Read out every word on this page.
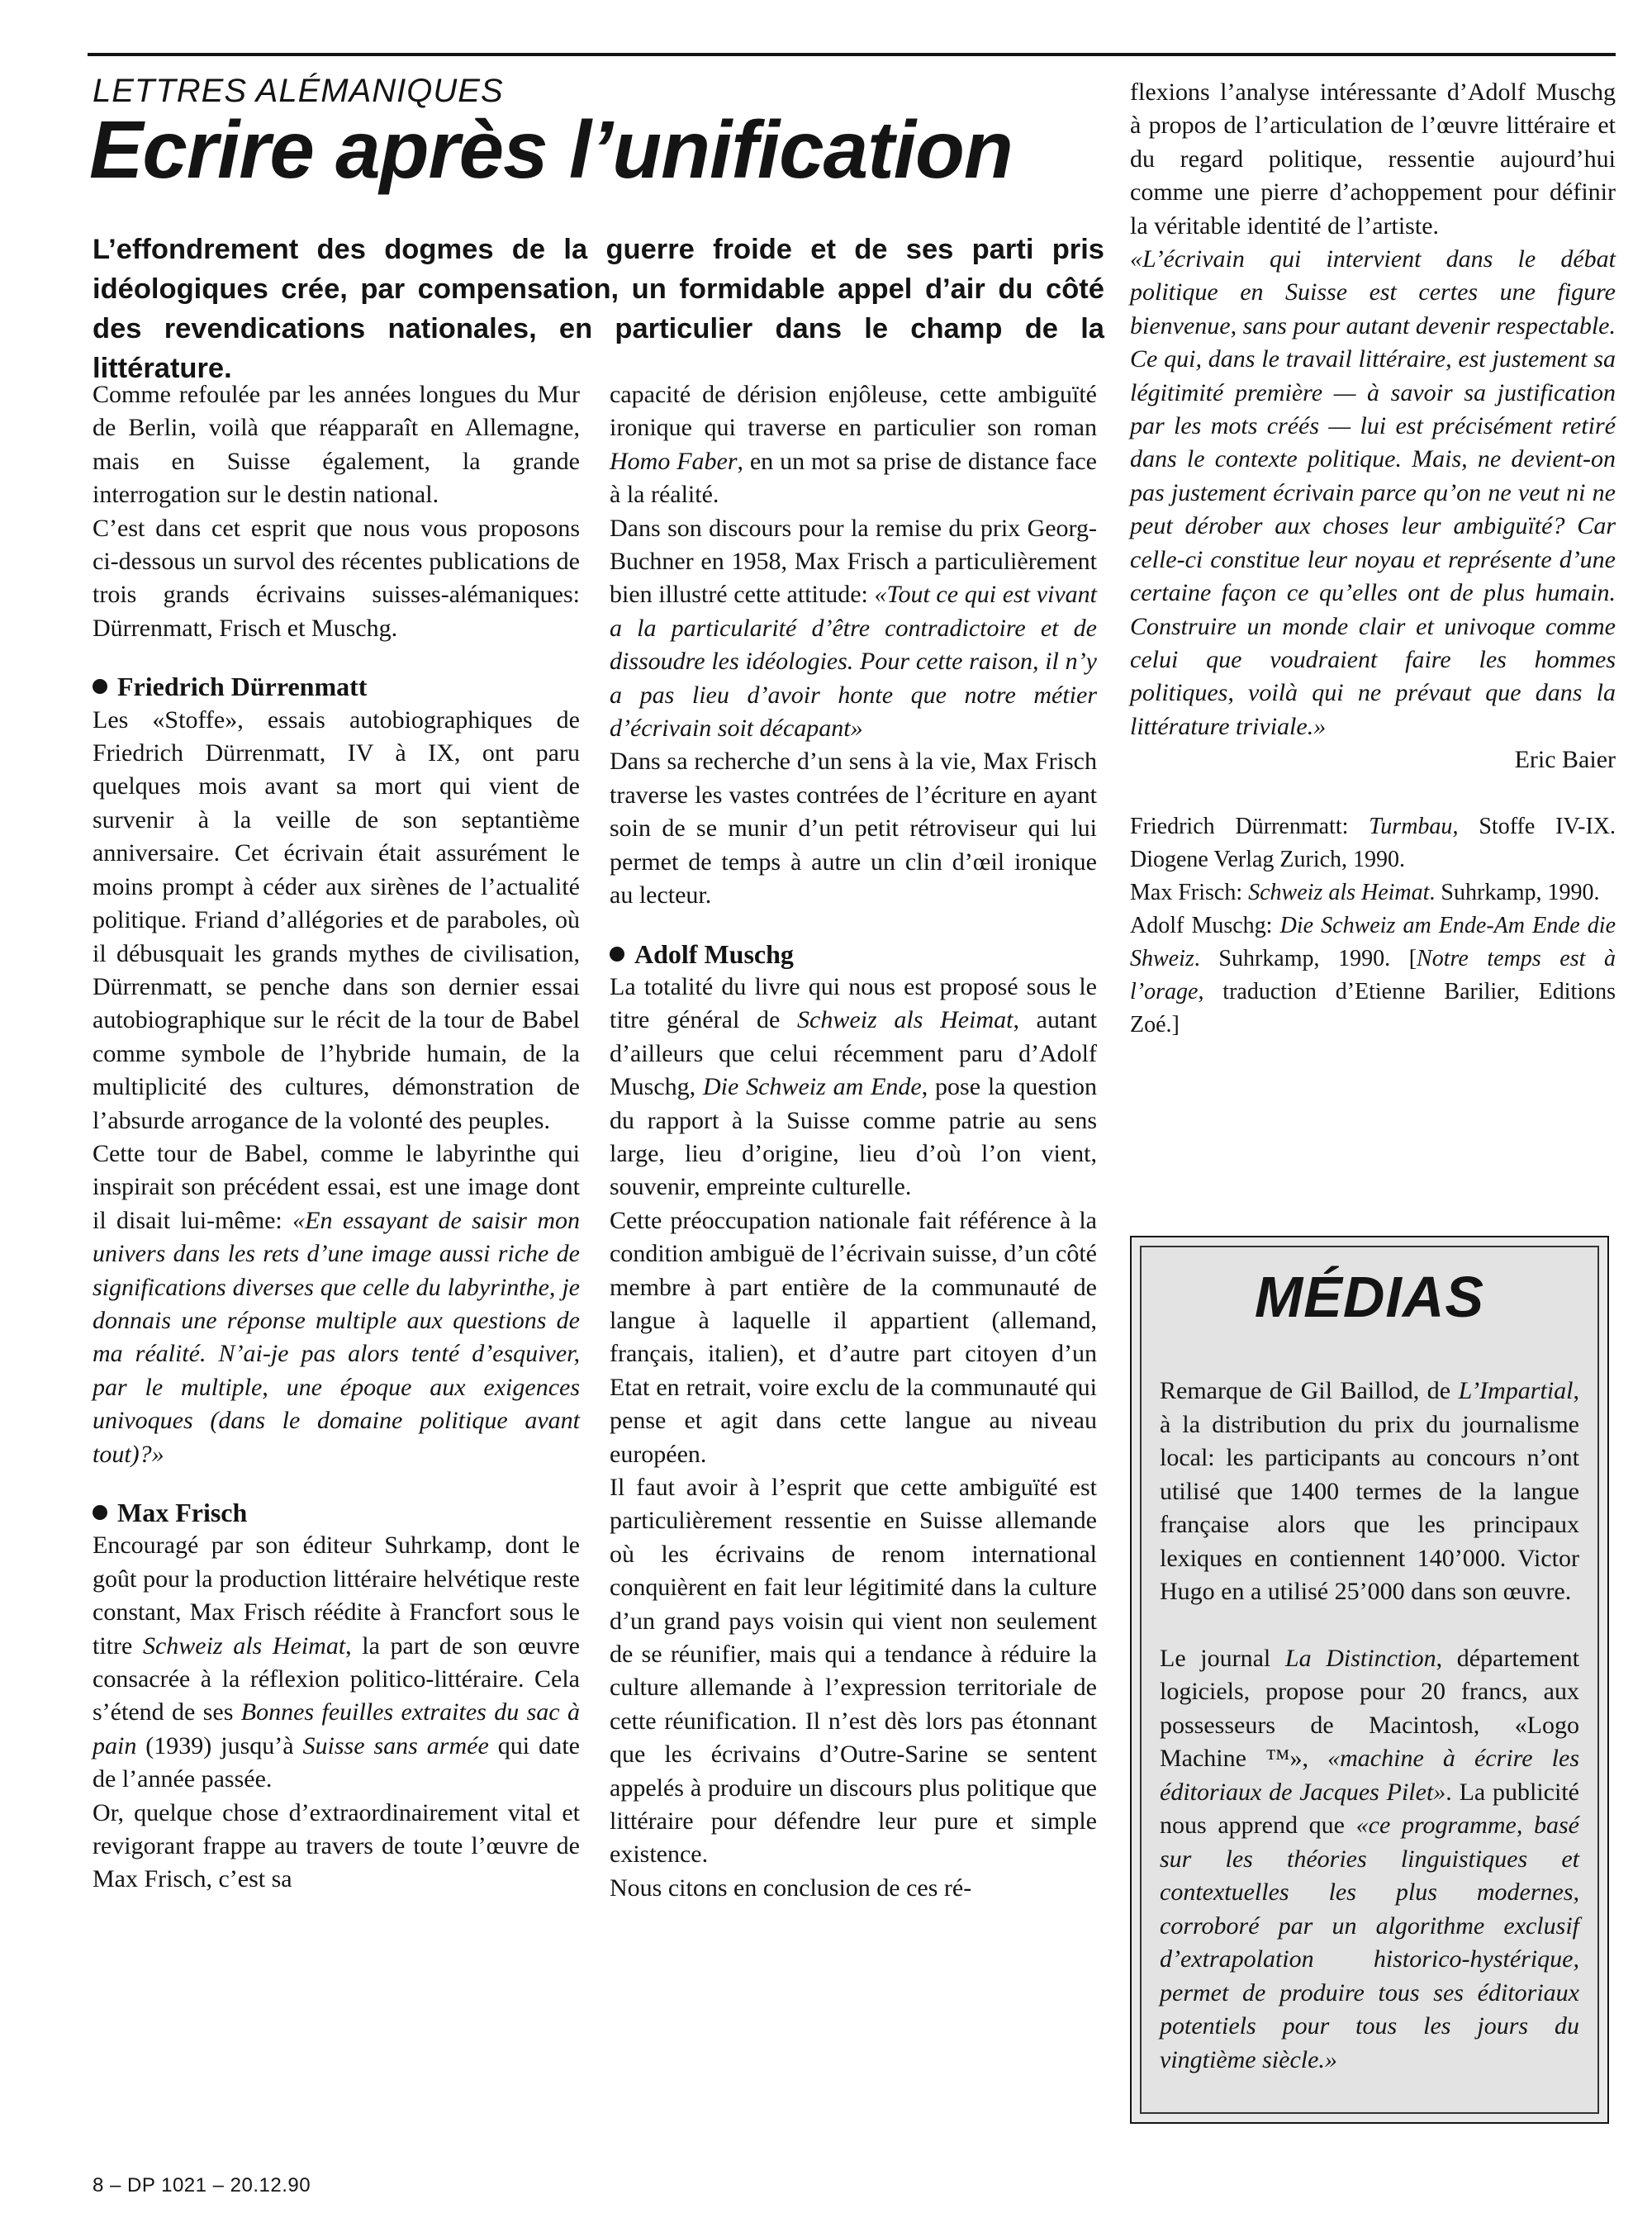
LETTRES ALÉMANIQUES
Ecrire après l’unification
L’effondrement des dogmes de la guerre froide et de ses parti pris idéologiques crée, par compensation, un formidable appel d’air du côté des revendications nationales, en particulier dans le champ de la littérature.

Comme refoulée par les années longues du Mur de Berlin, voilà que réapparaît en Allemagne, mais en Suisse également, la grande interrogation sur le destin national.

C’est dans cet esprit que nous vous proposons ci-dessous un survol des récentes publications de trois grands écrivains suisses-alémaniques: Dürrenmatt, Frisch et Muschg.

Friedrich Dürrenmatt

Les «Stoffe», essais autobiographiques de Friedrich Dürrenmatt, IV à IX, ont paru quelques mois avant sa mort qui vient de survenir à la veille de son septantième anniversaire. Cet écrivain était assurément le moins prompt à céder aux sirènes de l’actualité politique. Friand d’allégories et de paraboles, où il débusquait les grands mythes de civilisation, Dürrenmatt, se penche dans son dernier essai autobiographique sur le récit de la tour de Babel comme symbole de l’hybride humain, de la multiplicité des cultures, démonstration de l’absurde arrogance de la volonté des peuples.

Cette tour de Babel, comme le labyrinthe qui inspirait son précédent essai, est une image dont il disait lui-même: «En essayant de saisir mon univers dans les rets d’une image aussi riche de significations diverses que celle du labyrinthe, je donnais une réponse multiple aux questions de ma réalité. N’ai-je pas alors tenté d’esquiver, par le multiple, une époque aux exigences univoques (dans le domaine politique avant tout)?»

Max Frisch

Encouragé par son éditeur Suhrkamp, dont le goût pour la production littéraire helvétique reste constant, Max Frisch réédite à Francfort sous le titre Schweiz als Heimat, la part de son œuvre consacrée à la réflexion politico-littéraire. Cela s’étend de ses Bonnes feuilles extraites du sac à pain (1939) jusqu’à Suisse sans armée qui date de l’année passée.

Or, quelque chose d’extraordinairement vital et revigorant frappe au travers de toute l’œuvre de Max Frisch, c’est sa

capacité de dérision enjôleuse, cette ambiguïté ironique qui traverse en particulier son roman Homo Faber, en un mot sa prise de distance face à la réalité.

Dans son discours pour la remise du prix Georg-Buchner en 1958, Max Frisch a particulièrement bien illustré cette attitude: «Tout ce qui est vivant a la particularité d’être contradictoire et de dissoudre les idéologies. Pour cette raison, il n’y a pas lieu d’avoir honte que notre métier d’écrivain soit décapant»

Dans sa recherche d’un sens à la vie, Max Frisch traverse les vastes contrées de l’écriture en ayant soin de se munir d’un petit rétroviseur qui lui permet de temps à autre un clin d’œil ironique au lecteur.

Adolf Muschg

La totalité du livre qui nous est proposé sous le titre général de Schweiz als Heimat, autant d’ailleurs que celui récemment paru d’Adolf Muschg, Die Schweiz am Ende, pose la question du rapport à la Suisse comme patrie au sens large, lieu d’origine, lieu d’où l’on vient, souvenir, empreinte culturelle.

Cette préoccupation nationale fait référence à la condition ambiguë de l’écrivain suisse, d’un côté membre à part entière de la communauté de langue à laquelle il appartient (allemand, français, italien), et d’autre part citoyen d’un Etat en retrait, voire exclu de la communauté qui pense et agit dans cette langue au niveau européen.

Il faut avoir à l’esprit que cette ambiguïté est particulièrement ressentie en Suisse allemande où les écrivains de renom international conquièrent en fait leur légitimité dans la culture d’un grand pays voisin qui vient non seulement de se réunifier, mais qui a tendance à réduire la culture allemande à l’expression territoriale de cette réunification. Il n’est dès lors pas étonnant que les écrivains d’Outre-Sarine se sentent appelés à produire un discours plus politique que littéraire pour défendre leur pure et simple existence.

Nous citons en conclusion de ces ré-

flexions l’analyse intéressante d’Adolf Muschg à propos de l’articulation de l’œuvre littéraire et du regard politique, ressentie aujourd’hui comme une pierre d’achoppement pour définir la véritable identité de l’artiste.

«L’écrivain qui intervient dans le débat politique en Suisse est certes une figure bienvenue, sans pour autant devenir respectable. Ce qui, dans le travail littéraire, est justement sa légitimité première — à savoir sa justification par les mots créés — lui est précisément retiré dans le contexte politique. Mais, ne devient-on pas justement écrivain parce qu’on ne veut ni ne peut dérober aux choses leur ambiguïté? Car celle-ci constitue leur noyau et représente d’une certaine façon ce qu’elles ont de plus humain. Construire un monde clair et univoque comme celui que voudraient faire les hommes politiques, voilà qui ne prévaut que dans la littérature triviale.»

Eric Baier

Friedrich Dürrenmatt: Turmbau, Stoffe IV-IX. Diogene Verlag Zurich, 1990.

Max Frisch: Schweiz als Heimat. Suhrkamp, 1990.

Adolf Muschg: Die Schweiz am Ende-Am Ende die Shweiz. Suhrkamp, 1990. [Notre temps est à l’orage, traduction d’Etienne Barilier, Editions Zoé.]

MÉDIAS

Remarque de Gil Baillod, de L’Impartial, à la distribution du prix du journalisme local: les participants au concours n’ont utilisé que 1400 termes de la langue française alors que les principaux lexiques en contiennent 140’000. Victor Hugo en a utilisé 25’000 dans son œuvre.

Le journal La Distinction, département logiciels, propose pour 20 francs, aux possesseurs de Macintosh, «Logo Machine ™», «machine à écrire les éditoriaux de Jacques Pilet». La publicité nous apprend que «ce programme, basé sur les théories linguistiques et contextuelles les plus modernes, corroboré par un algorithme exclusif d’extrapolation historico-hystérique, permet de produire tous ses éditoriaux potentiels pour tous les jours du vingtième siècle.»

8 – DP 1021 – 20.12.90
